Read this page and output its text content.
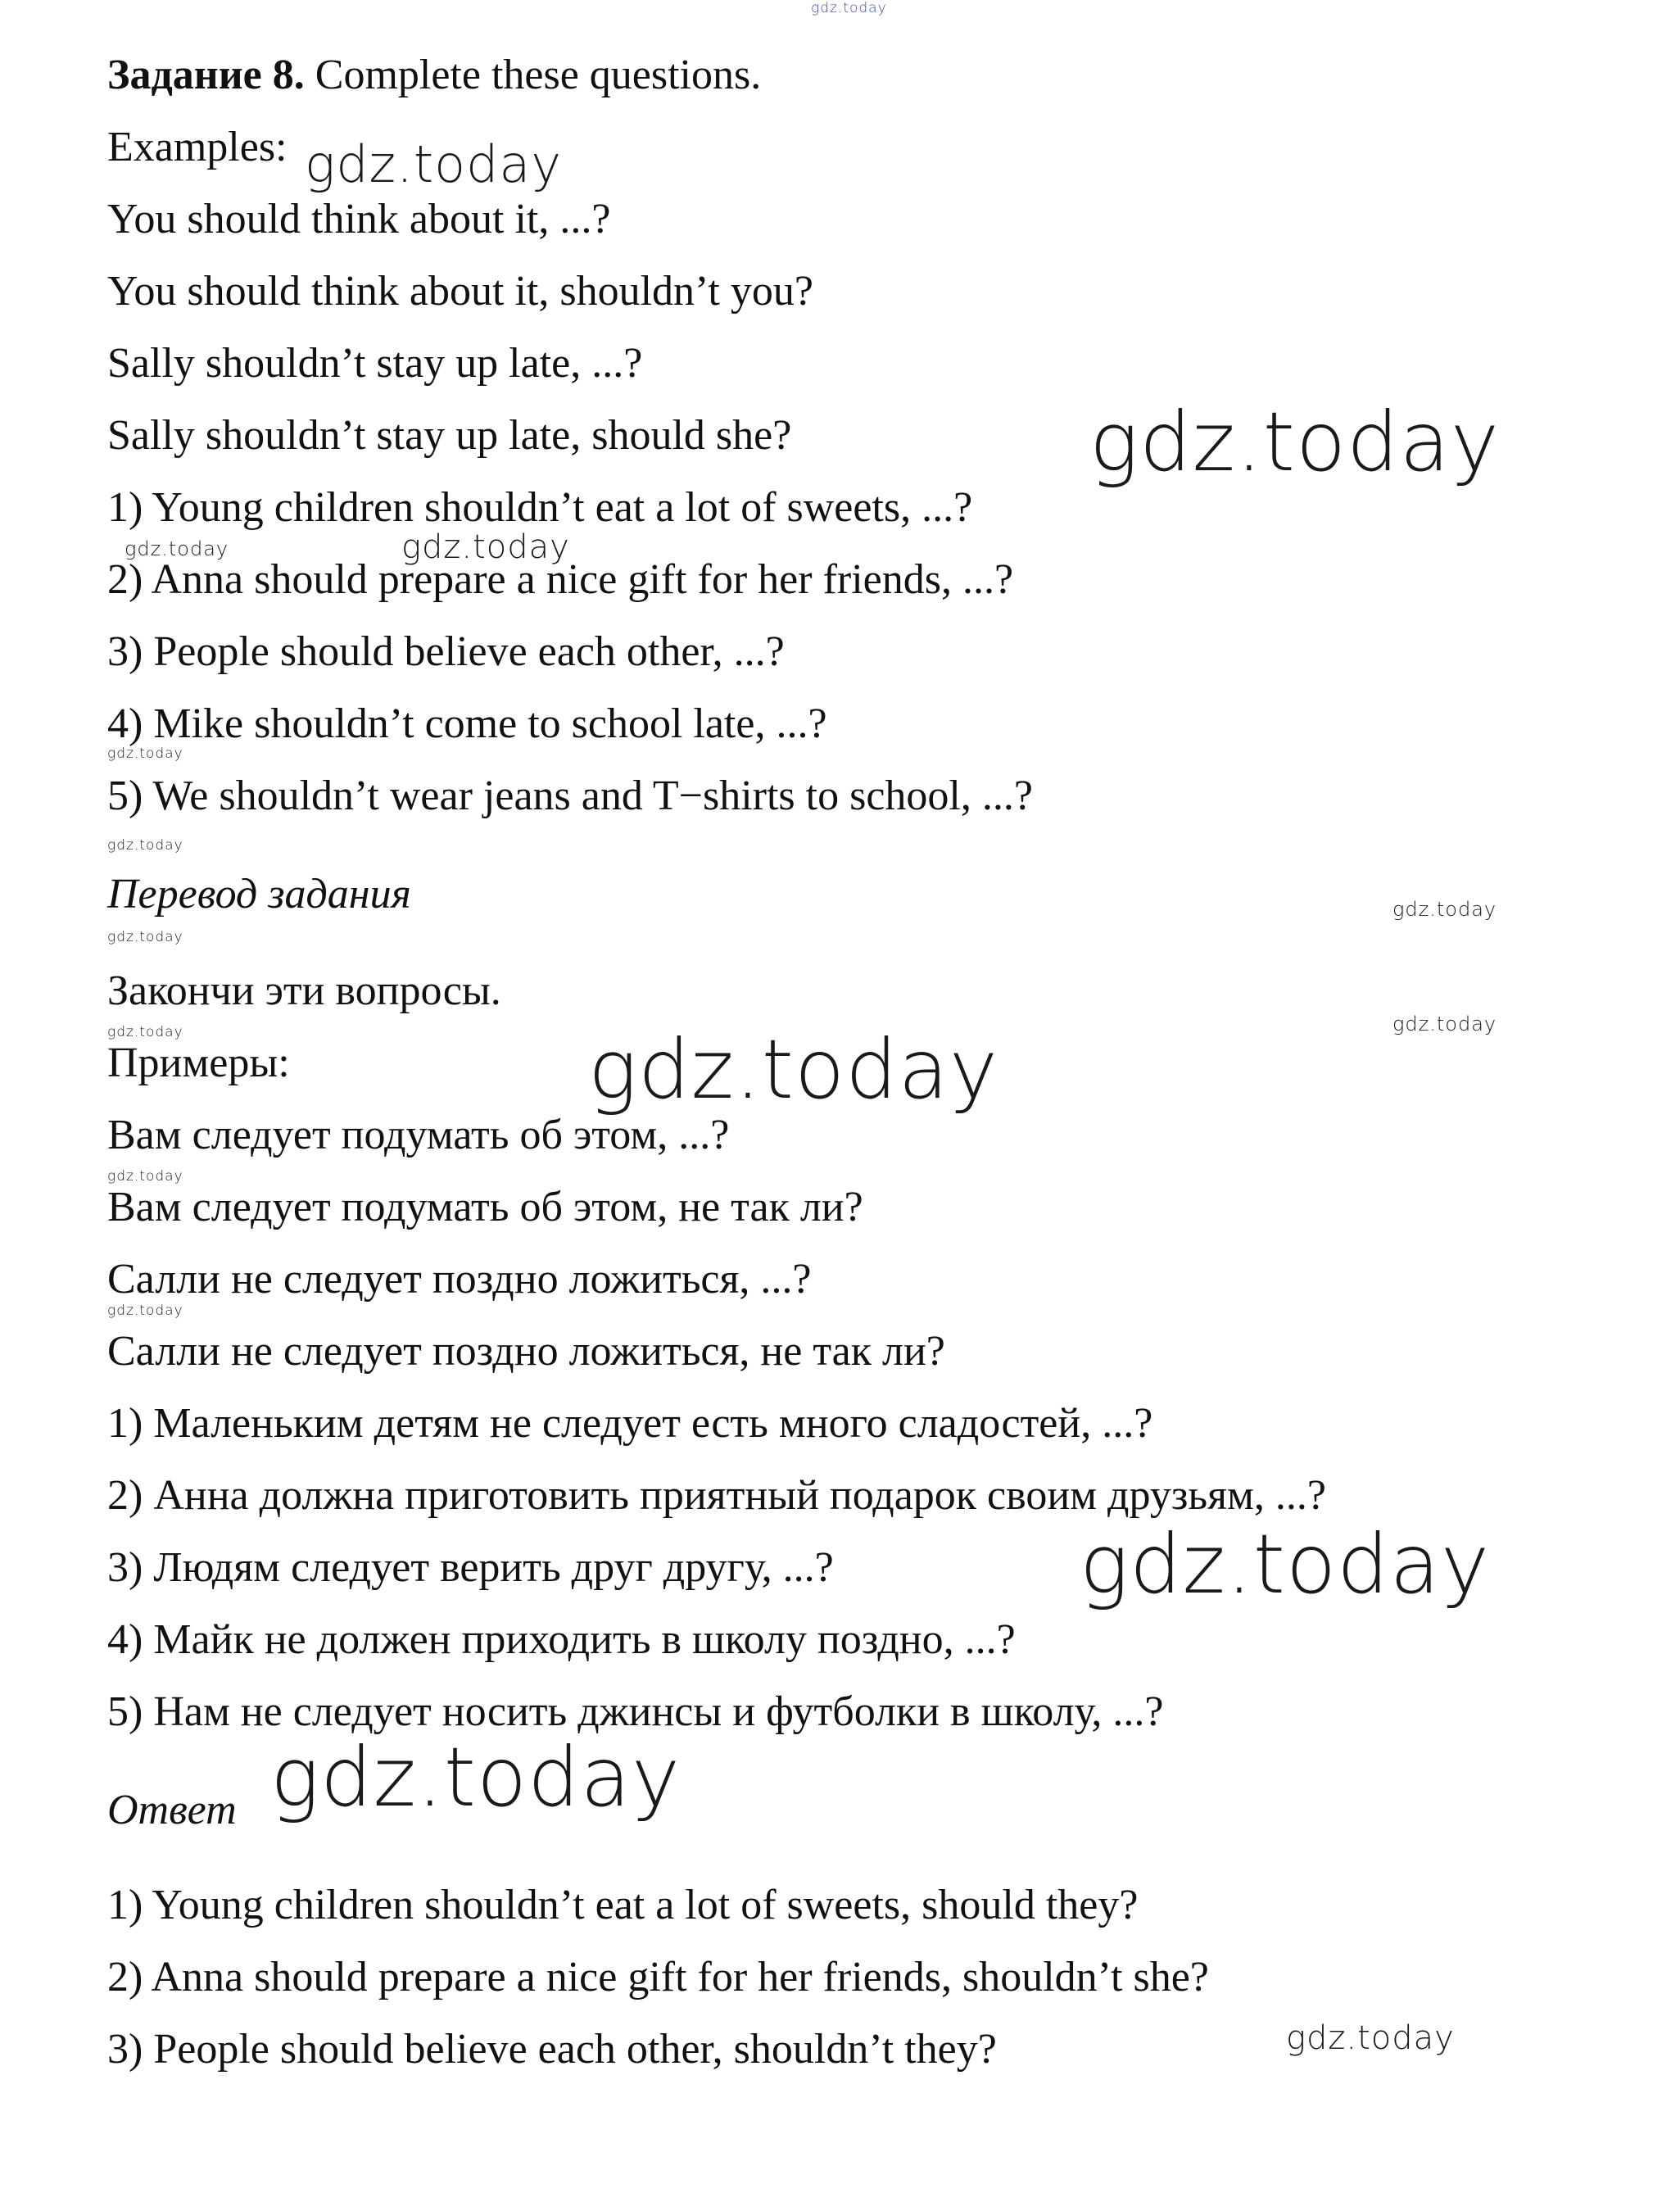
Задание 8. Complete these questions.
Examples:
You should think about it, ...?
You should think about it, shouldn’t you?
Sally shouldn’t stay up late, ...?
Sally shouldn’t stay up late, should she?
1) Young children shouldn’t eat a lot of sweets, ...?
2) Anna should prepare a nice gift for her friends, ...?
3) People should believe each other, ...?
4) Mike shouldn’t come to school late, ...?
5) We shouldn’t wear jeans and T−shirts to school, ...?
Перевод задания
Закончи эти вопросы.
Примеры:
Вам следует подумать об этом, ...?
Вам следует подумать об этом, не так ли?
Салли не следует поздно ложиться, ...?
Салли не следует поздно ложиться, не так ли?
1) Маленьким детям не следует есть много сладостей, ...?
2) Анна должна приготовить приятный подарок своим друзьям, ...?
3) Людям следует верить друг другу, ...?
4) Майк не должен приходить в школу поздно, ...?
5) Нам не следует носить джинсы и футболки в школу, ...?
Ответ
1) Young children shouldn’t eat a lot of sweets, should they?
2) Anna should prepare a nice gift for her friends, shouldn’t she?
3) People should believe each other, shouldn’t they?
gdz.today
gdz.today
gdz.today
gdz.today	gdz.today
gdz.today
gdz.today
gdz.today
gdz.today
gdz.today
gdz.today	gdz.today
gdz.today
gdz.today
gdz.today
gdz.today
gdz.today
